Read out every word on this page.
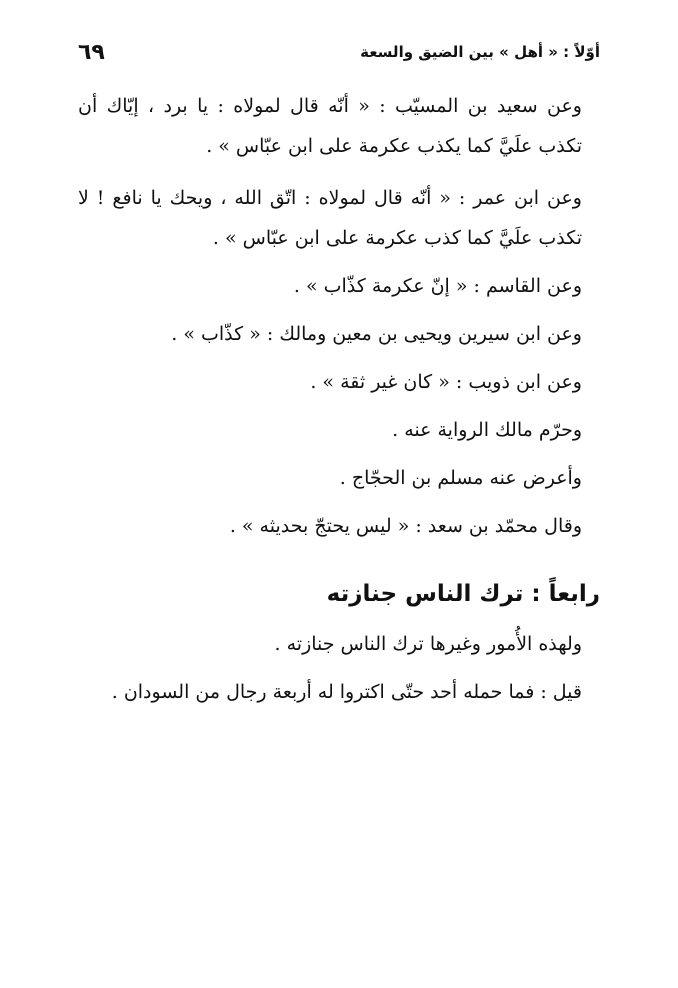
٦٩	أوّلاً : « أهل » بين الضيق والسعة

وعن سعيد بن المسيّب : « أنّه قال لمولاه : يا برد ، إيّاك أن تكذب علَيَّ كما يكذب عكرمة على ابن عبّاس » .

وعن ابن عمر : « أنّه قال لمولاه : اتّق الله ، ويحك يا نافع ! لا تكذب علَيَّ كما كذب عكرمة على ابن عبّاس » .

وعن القاسم : « إنّ عكرمة كذّاب » .

وعن ابن سيرين ويحيى بن معين ومالك : « كذّاب » .

وعن ابن ذويب : « كان غير ثقة » .

وحرّم مالك الرواية عنه .

وأعرض عنه مسلم بن الحجّاج .

وقال محمّد بن سعد : « ليس يحتجّ بحديثه » .

رابعاً : ترك الناس جنازته

ولهذه الأُمور وغيرها ترك الناس جنازته .

قيل : فما حمله أحد حتّى اكتروا له أربعة رجال من السودان .
